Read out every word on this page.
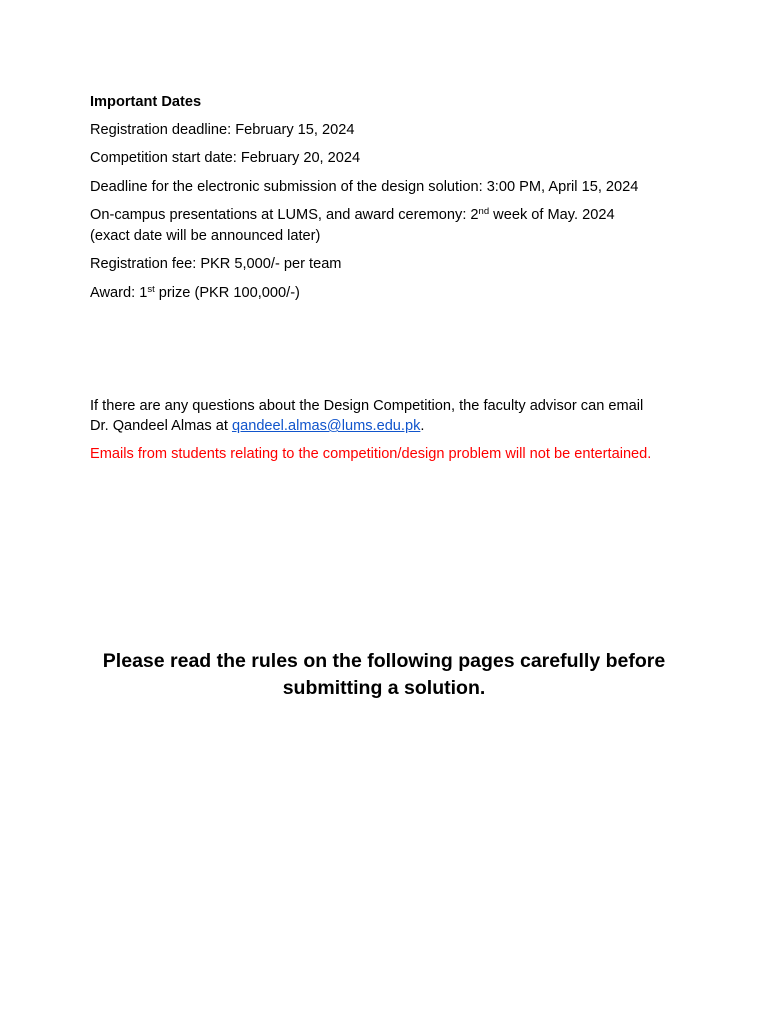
Important Dates
Registration deadline: February 15, 2024
Competition start date: February 20, 2024
Deadline for the electronic submission of the design solution: 3:00 PM, April 15, 2024
On-campus presentations at LUMS, and award ceremony: 2nd week of May. 2024
(exact date will be announced later)
Registration fee: PKR 5,000/- per team
Award: 1st prize (PKR 100,000/-)
If there are any questions about the Design Competition, the faculty advisor can email
Dr. Qandeel Almas at qandeel.almas@lums.edu.pk.
Emails from students relating to the competition/design problem will not be entertained.
Please read the rules on the following pages carefully before
submitting a solution.
